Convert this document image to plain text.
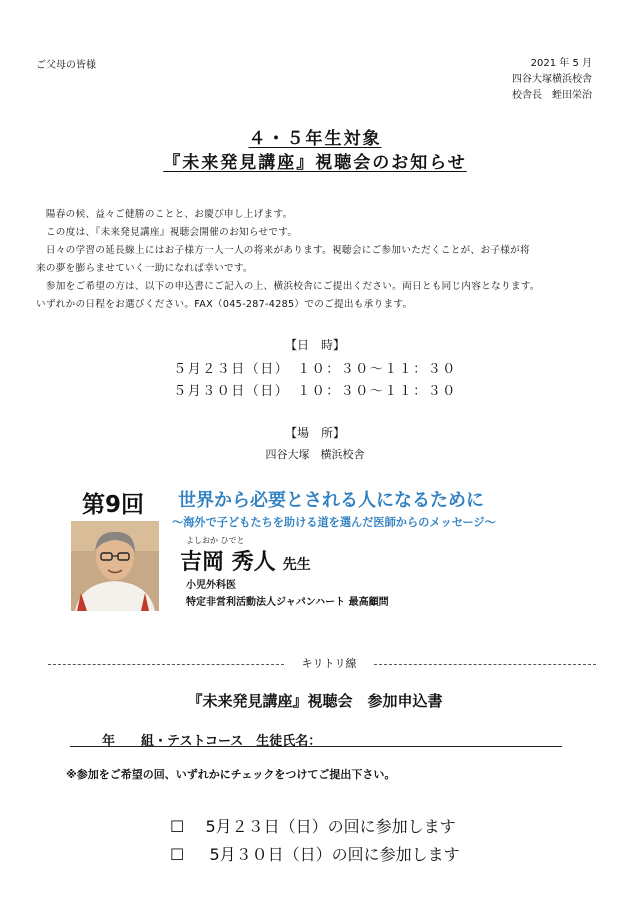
ご父母の皆様	2021 年 5 月
四谷大塚横浜校舎
校舎長　蛭田栄治
４・５年生対象
『未来発見講座』視聴会のお知らせ
　陽春の候、益々ご健勝のことと、お慶び申し上げます。
　この度は、『未来発見講座』視聴会開催のお知らせです。
　日々の学習の延長線上にはお子様方一人一人の将来があります。視聴会にご参加いただくことが、お子様が将
来の夢を膨らませていく一助になれば幸いです。
　参加をご希望の方は、以下の申込書にご記入の上、横浜校舎にご提出ください。両日とも同じ内容となります。
いずれかの日程をお選びください。FAX（045-287-4285）でのご提出も承ります。
【日　時】
５月２３日（日）　１０：３０～１１：３０
５月３０日（日）　１０：３０～１１：３０
【場　所】
四谷大塚　横浜校舎
第9回 世界から必要とされる人になるために
～海外で子どもたちを助ける道を選んだ医師からのメッセージ～
よしおか ひでと
吉岡 秀人 先生
小児外科医
特定非営利活動法人ジャパンハート 最高顧問
キリトリ線
『未来発見講座』視聴会　参加申込書
年　　組・テストコース　生徒氏名：
※参加をご希望の回、いずれかにチェックをつけてご提出下さい。
☐ 5月２３日（日）の回に参加します
☐ 5月３０日（日）の回に参加します
